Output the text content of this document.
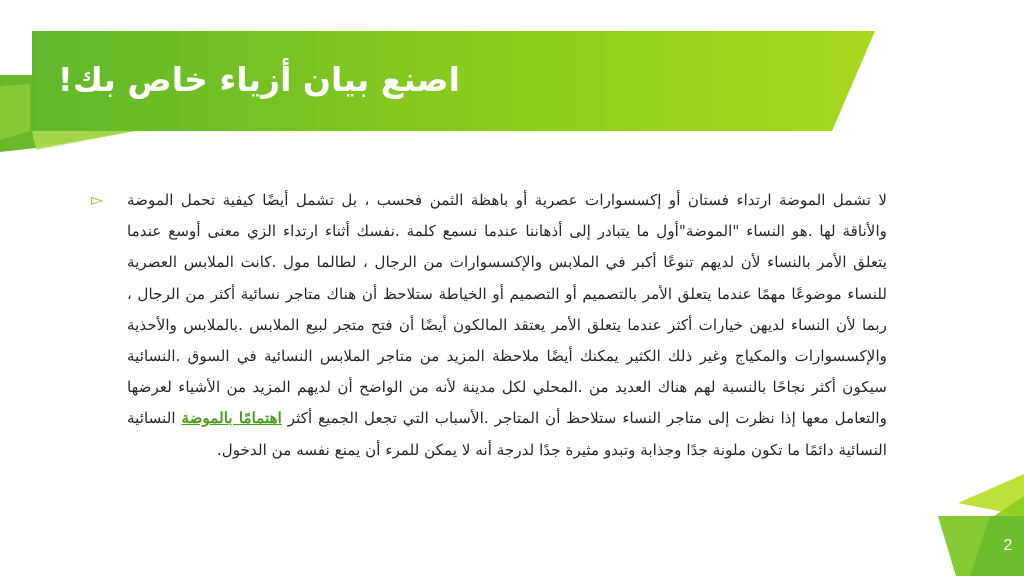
اصنع بيان أزياء خاص بك!
▻ لا تشمل الموضة ارتداء فستان أو إكسسوارات عصرية أو باهظة الثمن فحسب ، بل تشمل أيضًا كيفية تحمل الموضة والأناقة لها .هو النساء "الموضة"أول ما يتبادر إلى أذهاننا عندما نسمع كلمة .نفسك أثناء ارتداء الزي معنى أوسع عندما يتعلق الأمر بالنساء لأن لديهم تنوعًا أكبر في الملابس والإكسسوارات من الرجال ، لطالما مول .كانت الملابس العصرية للنساء موضوعًا مهمًا عندما يتعلق الأمر بالتصميم أو التصميم أو الخياطة ستلاحظ أن هناك متاجر نسائية أكثر من الرجال ، ربما لأن النساء لديهن خيارات أكثر عندما يتعلق الأمر يعتقد المالكون أيضًا أن فتح متجر لبيع الملابس .بالملابس والأحذية والإكسسوارات والمكياج وغير ذلك الكثير يمكنك أيضًا ملاحظة المزيد من متاجر الملابس النسائية في السوق .النسائية سيكون أكثر نجاحًا بالنسبة لهم هناك العديد من .المحلي لكل مدينة لأنه من الواضح أن لديهم المزيد من الأشياء لعرضها والتعامل معها إذا نظرت إلى متاجر النساء ستلاحظ أن المتاجر .الأسباب التي تجعل الجميع أكثر اهتمامًا بالموضة النسائية النسائية دائمًا ما تكون ملونة جدًا وجذابة وتبدو مثيرة جدًا لدرجة أنه لا يمكن للمرء أن يمنع نفسه من الدخول.
2
